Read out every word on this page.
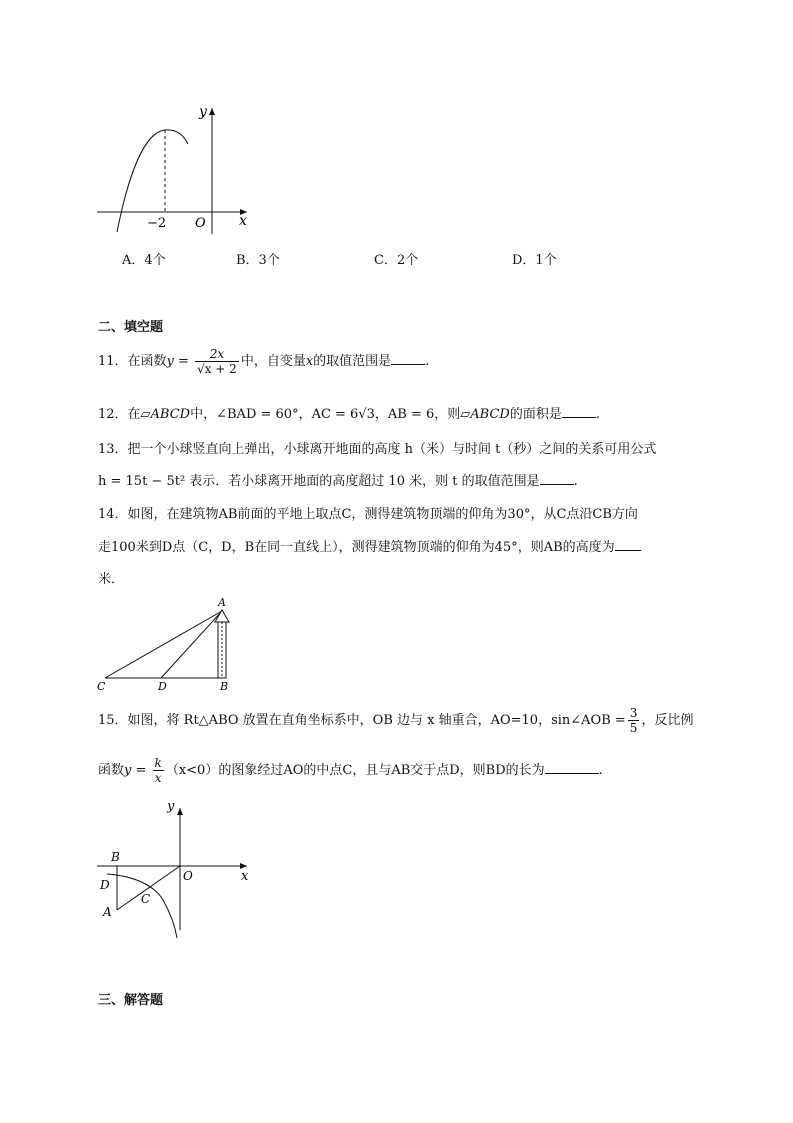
y
x
O
−2
A．4个	B．3个	C．2个	D．1个
二、填空题
11．在函数$y = \frac{2x}{√x + 2}$ 中，自变量x的取值范围是	.
12．在▱ABCD中，∠BAD = 60°，AC = 6√3，AB = 6，则▱ABCD的面积是	.
13．把一个小球竖直向上弹出，小球离开地面的高度 h（米）与时间 t（秒）之间的关系可用公式
h = 15t − 5t² 表示．若小球离开地面的高度超过 10 米，则 t 的取值范围是	.
14．如图，在建筑物AB前面的平地上取点C，测得建筑物顶端的仰角为30°，从C点沿CB方向
走100米到D点（C，D，B在同一直线上），测得建筑物顶端的仰角为45°，则AB的高度为
米．
A
B
C	D
15．如图，将 Rt△ABO 放置在直角坐标系中，OB 边与 x 轴重合，AO=10，sin∠AOB = $\frac{3}{5}$ ，反比例
函数$y = \frac{k}{x} (x<0)$的图象经过AO的中点C，且与AB交于点D，则BD的长为	.
y
x
O
B
D
C
A
三、解答题
